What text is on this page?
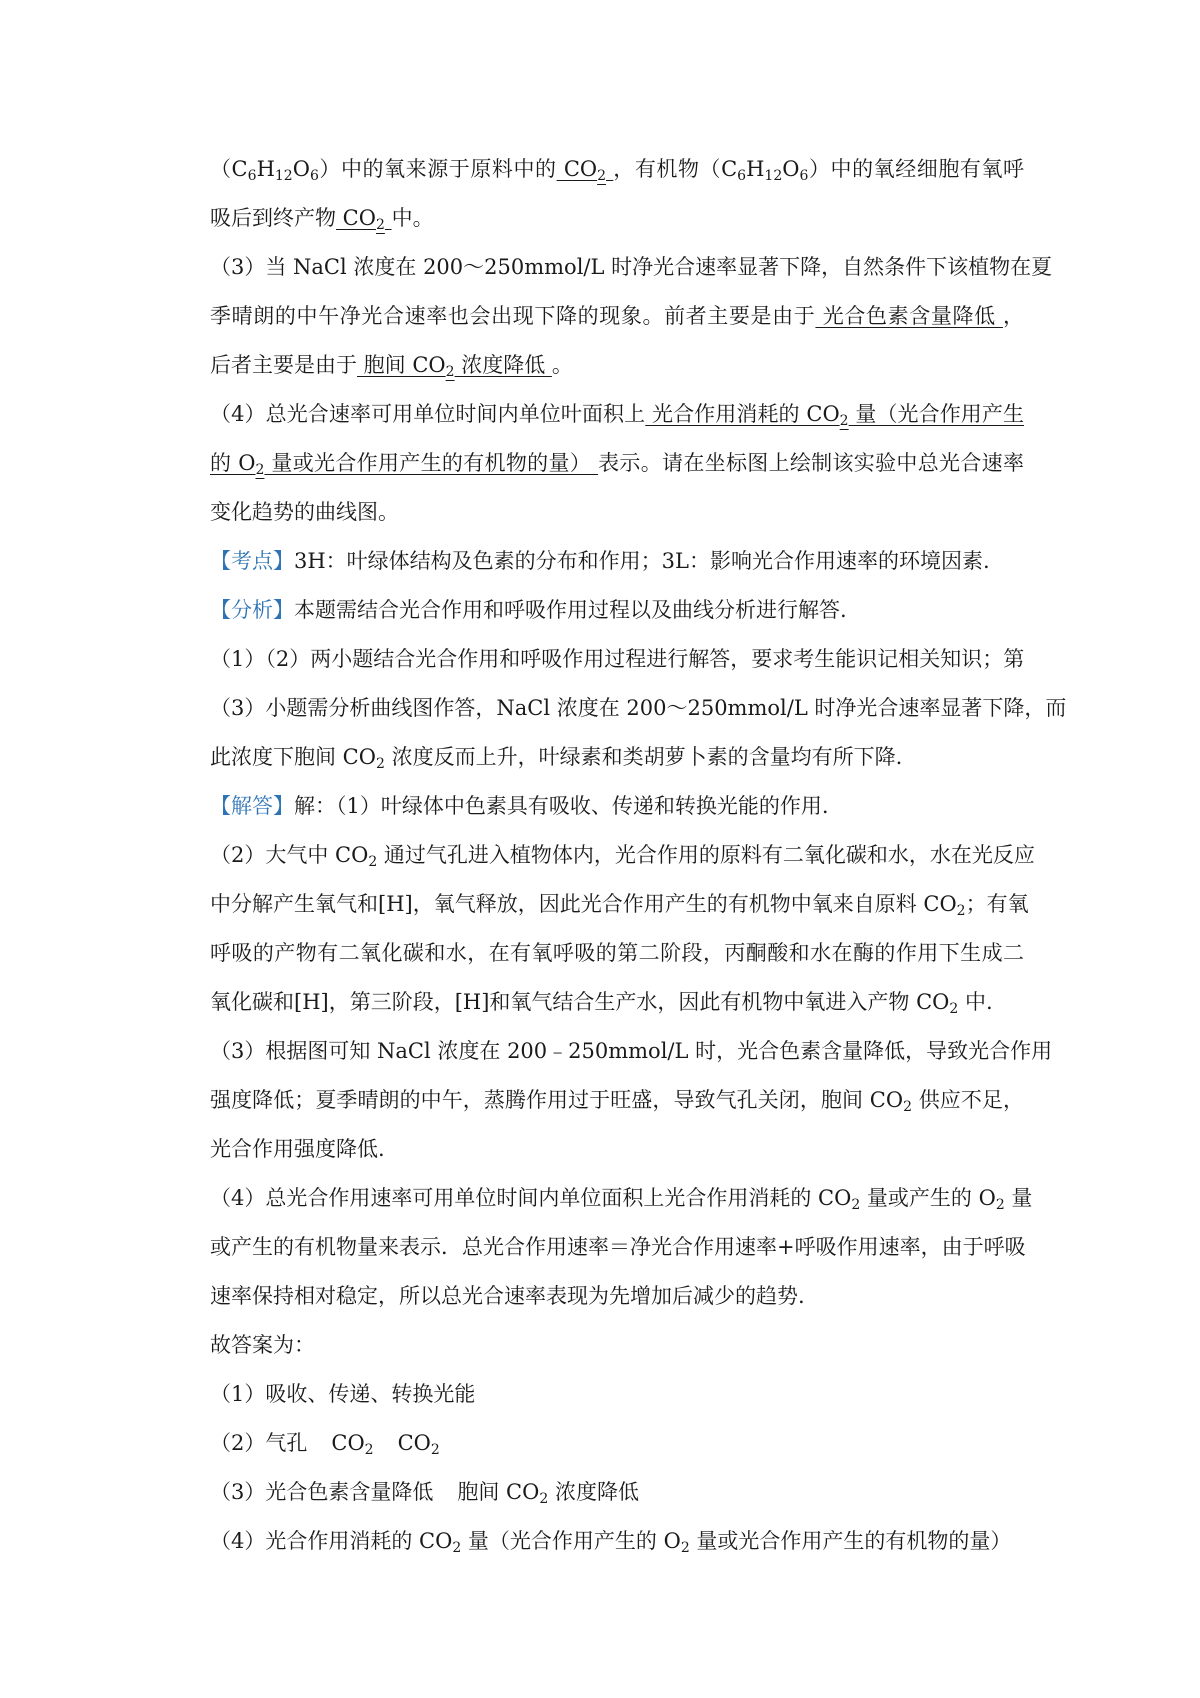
$(C_6H_{12}O_6)$中的氧来源于原料中的 $CO_2$ ，有机物$(C_6H_{12}O_6)$中的氧经细胞有氧呼
吸后到终产物 $CO_2$ 中。
（3）当 NaCl 浓度在 200～250mmol/L 时净光合速率显著下降，自然条件下该植物在夏
季晴朗的中午净光合速率也会出现下降的现象。前者主要是由于 光合色素含量降低 ，
后者主要是由于 胞间 $CO_2$ 浓度降低 。
（4）总光合速率可用单位时间内单位叶面积上 光合作用消耗的 $CO_2$ 量（光合作用产生
的 $O_2$ 量或光合作用产生的有机物的量） 表示。请在坐标图上绘制该实验中总光合速率
变化趋势的曲线图。
【考点】3H：叶绿体结构及色素的分布和作用；3L：影响光合作用速率的环境因素.
【分析】本题需结合光合作用和呼吸作用过程以及曲线分析进行解答.
（1）（2）两小题结合光合作用和呼吸作用过程进行解答，要求考生能识记相关知识；第
（3）小题需分析曲线图作答，NaCl 浓度在 200～250mmol/L 时净光合速率显著下降，而
此浓度下胞间 $CO_2$ 浓度反而上升，叶绿素和类胡萝卜素的含量均有所下降.
【解答】解：（1）叶绿体中色素具有吸收、传递和转换光能的作用.
（2）大气中 $CO_2$ 通过气孔进入植物体内，光合作用的原料有二氧化碳和水，水在光反应
中分解产生氧气和[H]，氧气释放，因此光合作用产生的有机物中氧来自原料 $CO_2$；有氧
呼吸的产物有二氧化碳和水，在有氧呼吸的第二阶段，丙酮酸和水在酶的作用下生成二
氧化碳和[H]，第三阶段，[H]和氧气结合生产水，因此有机物中氧进入产物 $CO_2$ 中.
（3）根据图可知 NaCl 浓度在 200﹣250mmol/L 时，光合色素含量降低，导致光合作用
强度降低；夏季晴朗的中午，蒸腾作用过于旺盛，导致气孔关闭，胞间 $CO_2$ 供应不足，
光合作用强度降低.
（4）总光合作用速率可用单位时间内单位面积上光合作用消耗的 $CO_2$ 量或产生的 $O_2$ 量
或产生的有机物量来表示．总光合作用速率＝净光合作用速率+呼吸作用速率，由于呼吸
速率保持相对稳定，所以总光合速率表现为先增加后减少的趋势.
故答案为：
（1）吸收、传递、转换光能
（2）气孔 $CO_2$ $CO_2$
（3）光合色素含量降低 胞间 $CO_2$ 浓度降低
（4）光合作用消耗的 $CO_2$ 量（光合作用产生的 $O_2$ 量或光合作用产生的有机物的量）
